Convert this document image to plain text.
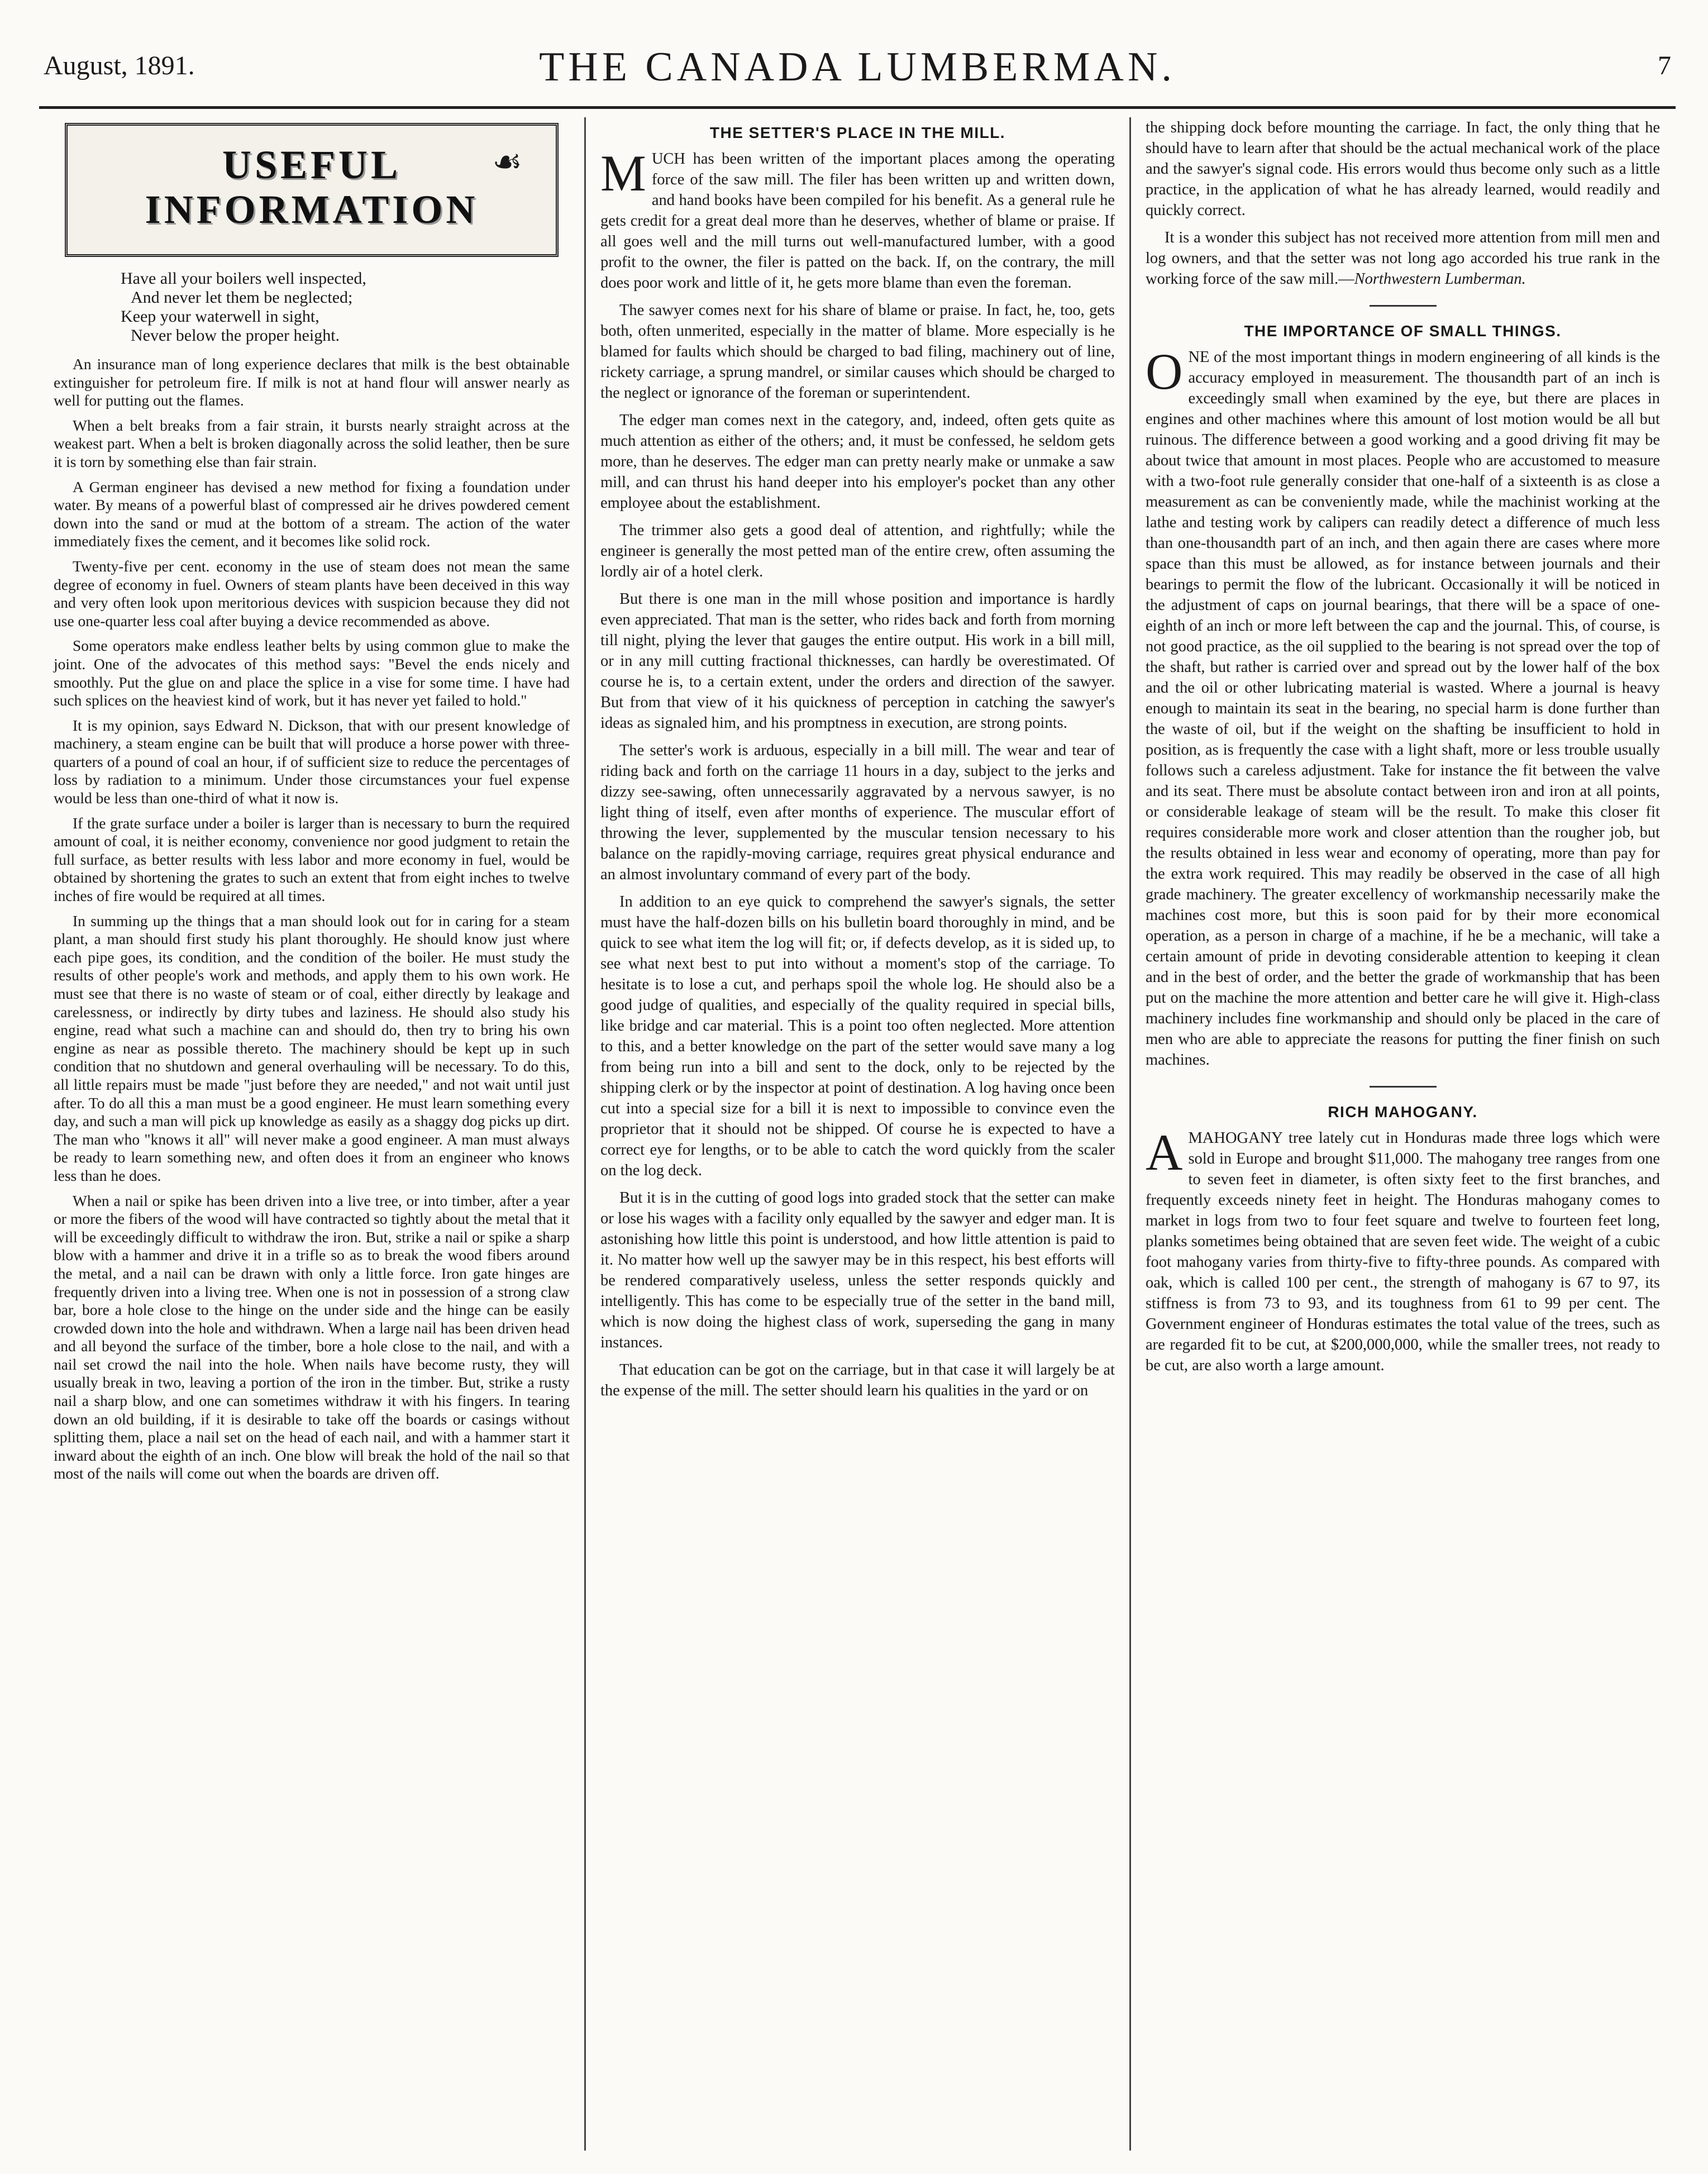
August, 1891.	THE CANADA LUMBERMAN.	7
USEFUL INFORMATION
☙
Have all your boilers well inspected,
And never let them be neglected;
Keep your waterwell in sight,
Never below the proper height.

An insurance man of long experience declares that milk is the best obtainable extinguisher for petroleum fire. If milk is not at hand flour will answer nearly as well for putting out the flames.

When a belt breaks from a fair strain, it bursts nearly straight across at the weakest part. When a belt is broken diagonally across the solid leather, then be sure it is torn by something else than fair strain.

A German engineer has devised a new method for fixing a foundation under water. By means of a powerful blast of compressed air he drives powdered cement down into the sand or mud at the bottom of a stream. The action of the water immediately fixes the cement, and it becomes like solid rock.

Twenty-five per cent. economy in the use of steam does not mean the same degree of economy in fuel. Owners of steam plants have been deceived in this way and very often look upon meritorious devices with suspicion because they did not use one-quarter less coal after buying a device recommended as above.

Some operators make endless leather belts by using common glue to make the joint. One of the advocates of this method says: "Bevel the ends nicely and smoothly. Put the glue on and place the splice in a vise for some time. I have had such splices on the heaviest kind of work, but it has never yet failed to hold."

It is my opinion, says Edward N. Dickson, that with our present knowledge of machinery, a steam engine can be built that will produce a horse power with three-quarters of a pound of coal an hour, if of sufficient size to reduce the percentages of loss by radiation to a minimum. Under those circumstances your fuel expense would be less than one-third of what it now is.

If the grate surface under a boiler is larger than is necessary to burn the required amount of coal, it is neither economy, convenience nor good judgment to retain the full surface, as better results with less labor and more economy in fuel, would be obtained by shortening the grates to such an extent that from eight inches to twelve inches of fire would be required at all times.

In summing up the things that a man should look out for in caring for a steam plant, a man should first study his plant thoroughly. He should know just where each pipe goes, its condition, and the condition of the boiler. He must study the results of other people's work and methods, and apply them to his own work. He must see that there is no waste of steam or of coal, either directly by leakage and carelessness, or indirectly by dirty tubes and laziness. He should also study his engine, read what such a machine can and should do, then try to bring his own engine as near as possible thereto. The machinery should be kept up in such condition that no shutdown and general overhauling will be necessary. To do this, all little repairs must be made "just before they are needed," and not wait until just after. To do all this a man must be a good engineer. He must learn something every day, and such a man will pick up knowledge as easily as a shaggy dog picks up dirt. The man who "knows it all" will never make a good engineer. A man must always be ready to learn something new, and often does it from an engineer who knows less than he does.

When a nail or spike has been driven into a live tree, or into timber, after a year or more the fibers of the wood will have contracted so tightly about the metal that it will be exceedingly difficult to withdraw the iron. But, strike a nail or spike a sharp blow with a hammer and drive it in a trifle so as to break the wood fibers around the metal, and a nail can be drawn with only a little force. Iron gate hinges are frequently driven into a living tree. When one is not in possession of a strong claw bar, bore a hole close to the hinge on the under side and the hinge can be easily crowded down into the hole and withdrawn. When a large nail has been driven head and all beyond the surface of the timber, bore a hole close to the nail, and with a nail set crowd the nail into the hole. When nails have become rusty, they will usually break in two, leaving a portion of the iron in the timber. But, strike a rusty nail a sharp blow, and one can sometimes withdraw it with his fingers. In tearing down an old building, if it is desirable to take off the boards or casings without splitting them, place a nail set on the head of each nail, and with a hammer start it inward about the eighth of an inch. One blow will break the hold of the nail so that most of the nails will come out when the boards are driven off.

THE SETTER'S PLACE IN THE MILL.

MUCH has been written of the important places among the operating force of the saw mill. The filer has been written up and written down, and hand books have been compiled for his benefit. As a general rule he gets credit for a great deal more than he deserves, whether of blame or praise. If all goes well and the mill turns out well-manufactured lumber, with a good profit to the owner, the filer is patted on the back. If, on the contrary, the mill does poor work and little of it, he gets more blame than even the foreman.

The sawyer comes next for his share of blame or praise. In fact, he, too, gets both, often unmerited, especially in the matter of blame. More especially is he blamed for faults which should be charged to bad filing, machinery out of line, rickety carriage, a sprung mandrel, or similar causes which should be charged to the neglect or ignorance of the foreman or superintendent.

The edger man comes next in the category, and, indeed, often gets quite as much attention as either of the others; and, it must be confessed, he seldom gets more, than he deserves. The edger man can pretty nearly make or unmake a saw mill, and can thrust his hand deeper into his employer's pocket than any other employee about the establishment.

The trimmer also gets a good deal of attention, and rightfully; while the engineer is generally the most petted man of the entire crew, often assuming the lordly air of a hotel clerk.

But there is one man in the mill whose position and importance is hardly even appreciated. That man is the setter, who rides back and forth from morning till night, plying the lever that gauges the entire output. His work in a bill mill, or in any mill cutting fractional thicknesses, can hardly be overestimated. Of course he is, to a certain extent, under the orders and direction of the sawyer. But from that view of it his quickness of perception in catching the sawyer's ideas as signaled him, and his promptness in execution, are strong points.

The setter's work is arduous, especially in a bill mill. The wear and tear of riding back and forth on the carriage 11 hours in a day, subject to the jerks and dizzy see-sawing, often unnecessarily aggravated by a nervous sawyer, is no light thing of itself, even after months of experience. The muscular effort of throwing the lever, supplemented by the muscular tension necessary to his balance on the rapidly-moving carriage, requires great physical endurance and an almost involuntary command of every part of the body.

In addition to an eye quick to comprehend the sawyer's signals, the setter must have the half-dozen bills on his bulletin board thoroughly in mind, and be quick to see what item the log will fit; or, if defects develop, as it is sided up, to see what next best to put into without a moment's stop of the carriage. To hesitate is to lose a cut, and perhaps spoil the whole log. He should also be a good judge of qualities, and especially of the quality required in special bills, like bridge and car material. This is a point too often neglected. More attention to this, and a better knowledge on the part of the setter would save many a log from being run into a bill and sent to the dock, only to be rejected by the shipping clerk or by the inspector at point of destination. A log having once been cut into a special size for a bill it is next to impossible to convince even the proprietor that it should not be shipped. Of course he is expected to have a correct eye for lengths, or to be able to catch the word quickly from the scaler on the log deck.

But it is in the cutting of good logs into graded stock that the setter can make or lose his wages with a facility only equalled by the sawyer and edger man. It is astonishing how little this point is understood, and how little attention is paid to it. No matter how well up the sawyer may be in this respect, his best efforts will be rendered comparatively useless, unless the setter responds quickly and intelligently. This has come to be especially true of the setter in the band mill, which is now doing the highest class of work, superseding the gang in many instances.

That education can be got on the carriage, but in that case it will largely be at the expense of the mill. The setter should learn his qualities in the yard or on

the shipping dock before mounting the carriage. In fact, the only thing that he should have to learn after that should be the actual mechanical work of the place and the sawyer's signal code. His errors would thus become only such as a little practice, in the application of what he has already learned, would readily and quickly correct.

It is a wonder this subject has not received more attention from mill men and log owners, and that the setter was not long ago accorded his true rank in the working force of the saw mill.—Northwestern Lumberman.

THE IMPORTANCE OF SMALL THINGS.

ONE of the most important things in modern engineering of all kinds is the accuracy employed in measurement. The thousandth part of an inch is exceedingly small when examined by the eye, but there are places in engines and other machines where this amount of lost motion would be all but ruinous. The difference between a good working and a good driving fit may be about twice that amount in most places. People who are accustomed to measure with a two-foot rule generally consider that one-half of a sixteenth is as close a measurement as can be conveniently made, while the machinist working at the lathe and testing work by calipers can readily detect a difference of much less than one-thousandth part of an inch, and then again there are cases where more space than this must be allowed, as for instance between journals and their bearings to permit the flow of the lubricant. Occasionally it will be noticed in the adjustment of caps on journal bearings, that there will be a space of one-eighth of an inch or more left between the cap and the journal. This, of course, is not good practice, as the oil supplied to the bearing is not spread over the top of the shaft, but rather is carried over and spread out by the lower half of the box and the oil or other lubricating material is wasted. Where a journal is heavy enough to maintain its seat in the bearing, no special harm is done further than the waste of oil, but if the weight on the shafting be insufficient to hold in position, as is frequently the case with a light shaft, more or less trouble usually follows such a careless adjustment. Take for instance the fit between the valve and its seat. There must be absolute contact between iron and iron at all points, or considerable leakage of steam will be the result. To make this closer fit requires considerable more work and closer attention than the rougher job, but the results obtained in less wear and economy of operating, more than pay for the extra work required. This may readily be observed in the case of all high grade machinery. The greater excellency of workmanship necessarily make the machines cost more, but this is soon paid for by their more economical operation, as a person in charge of a machine, if he be a mechanic, will take a certain amount of pride in devoting considerable attention to keeping it clean and in the best of order, and the better the grade of workmanship that has been put on the machine the more attention and better care he will give it. High-class machinery includes fine workmanship and should only be placed in the care of men who are able to appreciate the reasons for putting the finer finish on such machines.

RICH MAHOGANY.

AMAHOGANY tree lately cut in Honduras made three logs which were sold in Europe and brought $11,000. The mahogany tree ranges from one to seven feet in diameter, is often sixty feet to the first branches, and frequently exceeds ninety feet in height. The Honduras mahogany comes to market in logs from two to four feet square and twelve to fourteen feet long, planks sometimes being obtained that are seven feet wide. The weight of a cubic foot mahogany varies from thirty-five to fifty-three pounds. As compared with oak, which is called 100 per cent., the strength of mahogany is 67 to 97, its stiffness is from 73 to 93, and its toughness from 61 to 99 per cent. The Government engineer of Honduras estimates the total value of the trees, such as are regarded fit to be cut, at $200,000,000, while the smaller trees, not ready to be cut, are also worth a large amount.
